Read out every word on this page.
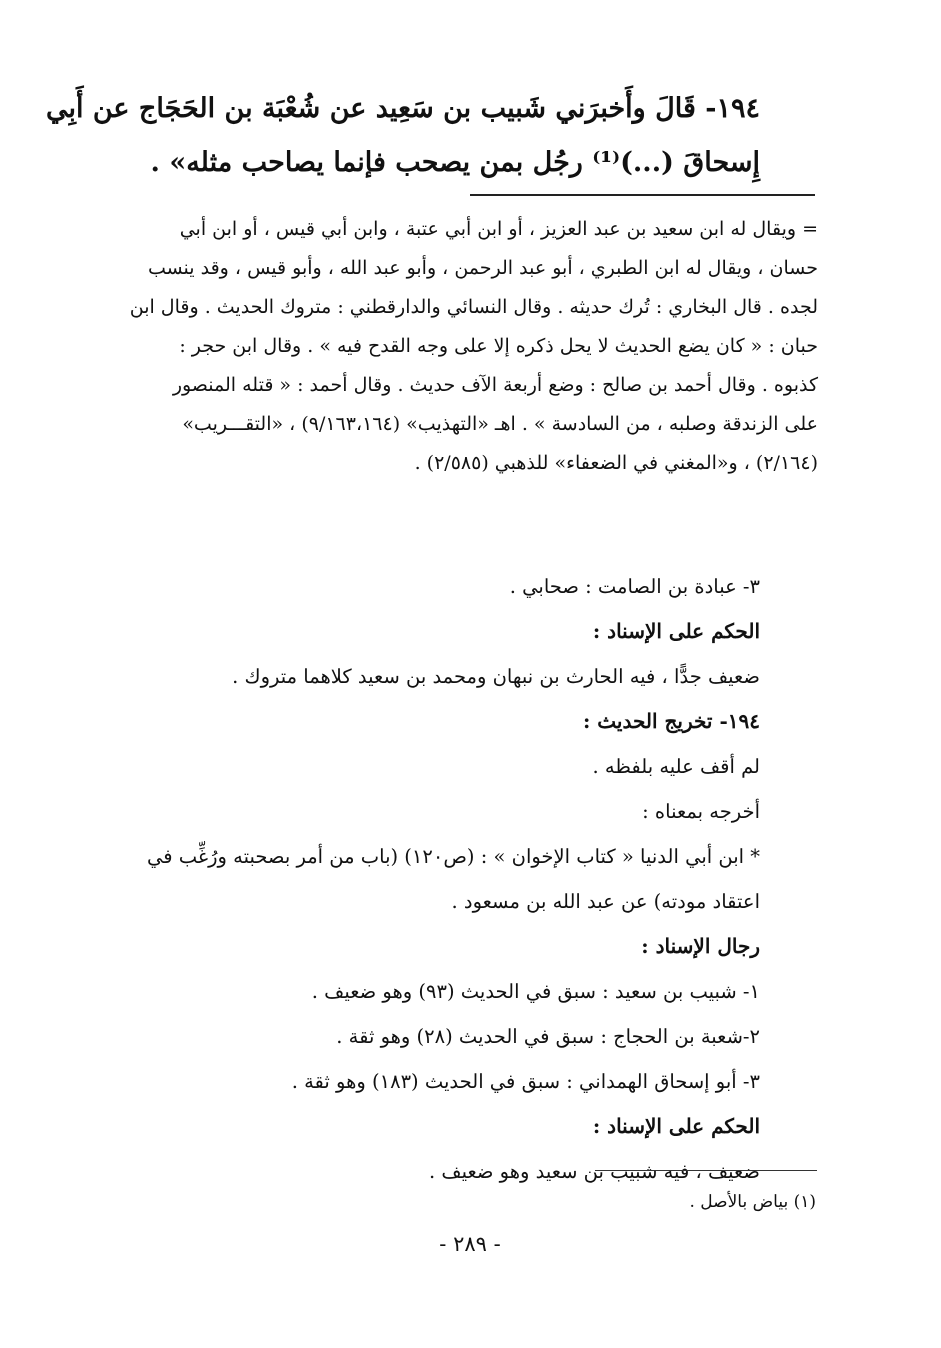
١٩٤- قَالَ وأَخبرَني شَبيب بن سَعِيد عن شُعْبَة بن الحَجَاج عن أَبِي
إِسحاقَ (...)⁽¹⁾ رجُل بمن يصحب فإنما يصاحب مثله» .
= ويقال له ابن سعيد بن عبد العزيز ، أو ابن أبي عتبة ، وابن أبي قيس ، أو ابن أبي
حسان ، ويقال له ابن الطبري ، أبو عبد الرحمن ، وأبو عبد الله ، وأبو قيس ، وقد ينسب
لجده . قال البخاري : تُرك حديثه . وقال النسائي والدارقطني : متروك الحديث . وقال ابن
حبان : « كان يضع الحديث لا يحل ذكره إلا على وجه القدح فيه » . وقال ابن حجر :
كذبوه . وقال أحمد بن صالح : وضع أربعة الآف حديث . وقال أحمد : « قتله المنصور
على الزندقة وصلبه ، من السادسة » . اهـ «التهذيب» (٩/١٦٣،١٦٤) ، «التقـــريب»
(٢/١٦٤) ، و«المغني في الضعفاء» للذهبي (٢/٥٨٥) .
٣- عبادة بن الصامت : صحابي .
الحكم على الإسناد :
ضعيف جدًّا ، فيه الحارث بن نبهان ومحمد بن سعيد كلاهما متروك .
١٩٤- تخريج الحديث :
لم أقف عليه بلفظه .
أخرجه بمعناه :
* ابن أبي الدنيا « كتاب الإخوان » : (ص١٢٠) (باب من أمر بصحبته ورُغِّب في
اعتقاد مودته) عن عبد الله بن مسعود .
رجال الإسناد :
١- شبيب بن سعيد : سبق في الحديث (٩٣) وهو ضعيف .
٢-شعبة بن الحجاج : سبق في الحديث (٢٨) وهو ثقة .
٣- أبو إسحاق الهمداني : سبق في الحديث (١٨٣) وهو ثقة .
الحكم على الإسناد :
ضعيف ، فيه شبيب بن سعيد وهو ضعيف .
(١) بياض بالأصل .
- ٢٨٩ -
